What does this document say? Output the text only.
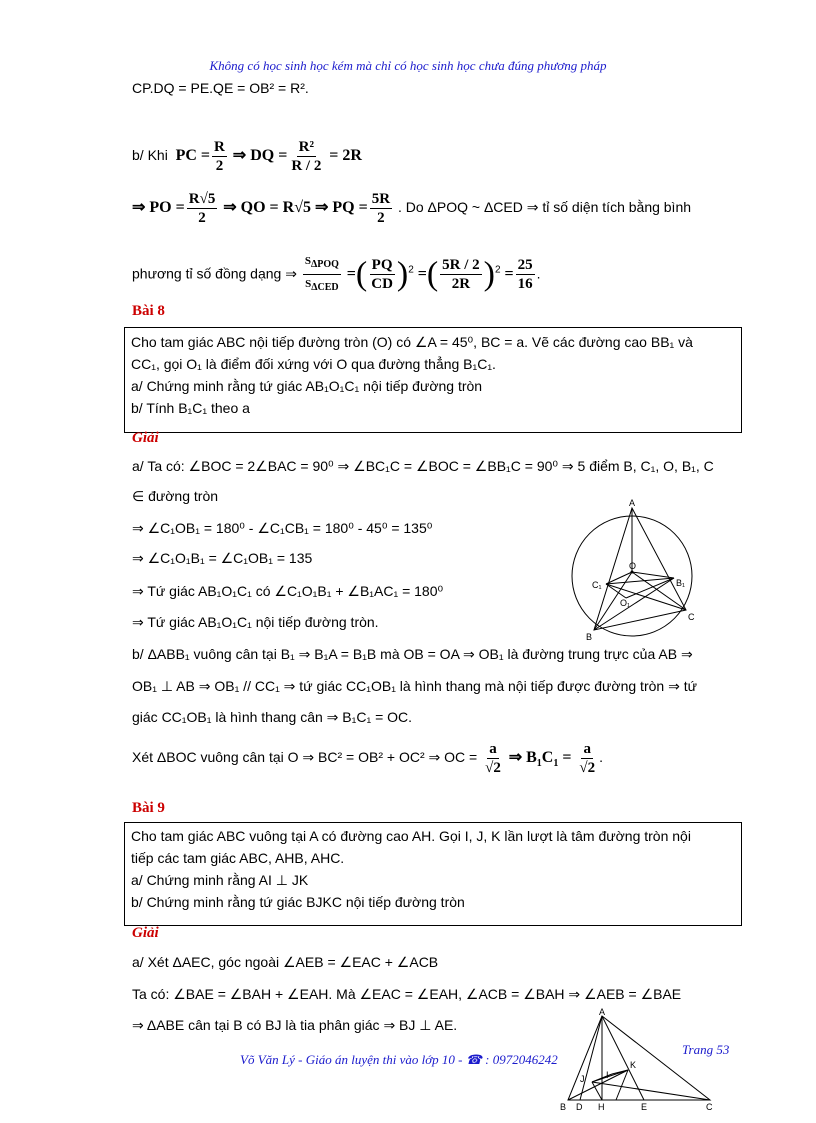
Không có học sinh học kém mà chỉ có học sinh học chưa đúng phương pháp
CP.DQ = PE.QE = OB² = R².
b/ Khi PC = $\frac{R}{2}$ ⇒ DQ = $\frac{\text{R²}}{R / 2} = 2R$
⇒ PO = $\frac{R√5}{2}$ ⇒ QO = R√5 ⇒ PQ = $\frac{5R}{2}$ . Do ΔPOQ ~ ΔCED ⇒ tỉ số diện tích bằng bình
phương tỉ số đồng dạng ⇒ $\frac{S_{\Delta POQ}}{S_{\Delta CED}}$ =( $\frac{PQ}{CD} )^2$ =( $\frac{5R / 2}{2R} )^2 = \frac{25}{16}$ .
Bài 8
Cho tam giác ABC nội tiếp đường tròn (O) có ∠A = 45⁰, BC = a. Vẽ các đường cao BB₁ và
CC₁, gọi O₁ là điểm đối xứng với O qua đường thẳng B₁C₁.
a/ Chứng minh rằng tứ giác AB₁O₁C₁ nội tiếp đường tròn
b/ Tính B₁C₁ theo a
Giải
a/ Ta có: ∠BOC = 2∠BAC = 90⁰ ⇒ ∠BC₁C = ∠BOC = ∠BB₁C = 90⁰ ⇒ 5 điểm B, C₁, O, B₁, C
∈ đường tròn
⇒ ∠C₁OB₁ = 180⁰ - ∠C₁CB₁ = 180⁰ - 45⁰ = 135⁰
⇒ ∠C₁O₁B₁ = ∠C₁OB₁ = 135
⇒ Tứ giác AB₁O₁C₁ có ∠C₁O₁B₁ + ∠B₁AC₁ = 180⁰
⇒ Tứ giác AB₁O₁C₁ nội tiếp đường tròn.
b/ ΔABB₁ vuông cân tại B₁ ⇒ B₁A = B₁B mà OB = OA ⇒ OB₁ là đường trung trực của AB ⇒
OB₁ ⊥ AB ⇒ OB₁ // CC₁ ⇒ tứ giác CC₁OB₁ là hình thang mà nội tiếp được đường tròn ⇒ tứ
giác CC₁OB₁ là hình thang cân ⇒ B₁C₁ = OC.
Xét ΔBOC vuông cân tại O ⇒ BC² = OB² + OC² ⇒ OC = $\frac{a}{√2}$ ⇒ $B_1C_1 = \frac{a}{√2}$ .
Bài 9
Cho tam giác ABC vuông tại A có đường cao AH. Gọi I, J, K lần lượt là tâm đường tròn nội
tiếp các tam giác ABC, AHB, AHC.
a/ Chứng minh rằng AI ⊥ JK
b/ Chứng minh rằng tứ giác BJKC nội tiếp đường tròn
Giải
a/ Xét ΔAEC, góc ngoài ∠AEB = ∠EAC + ∠ACB
Ta có: ∠BAE = ∠BAH + ∠EAH. Mà ∠EAC = ∠EAH, ∠ACB = ∠BAH ⇒ ∠AEB = ∠BAE
⇒ ΔABE cân tại B có BJ là tia phân giác ⇒ BJ ⊥ AE.
A
B
C
C₁	B₁
O
O₁
A
B	C
D H	E
J
K
I
Võ Văn Lý - Giáo án luyện thi vào lớp 10 - ☎ : 0972046242
Trang 53
